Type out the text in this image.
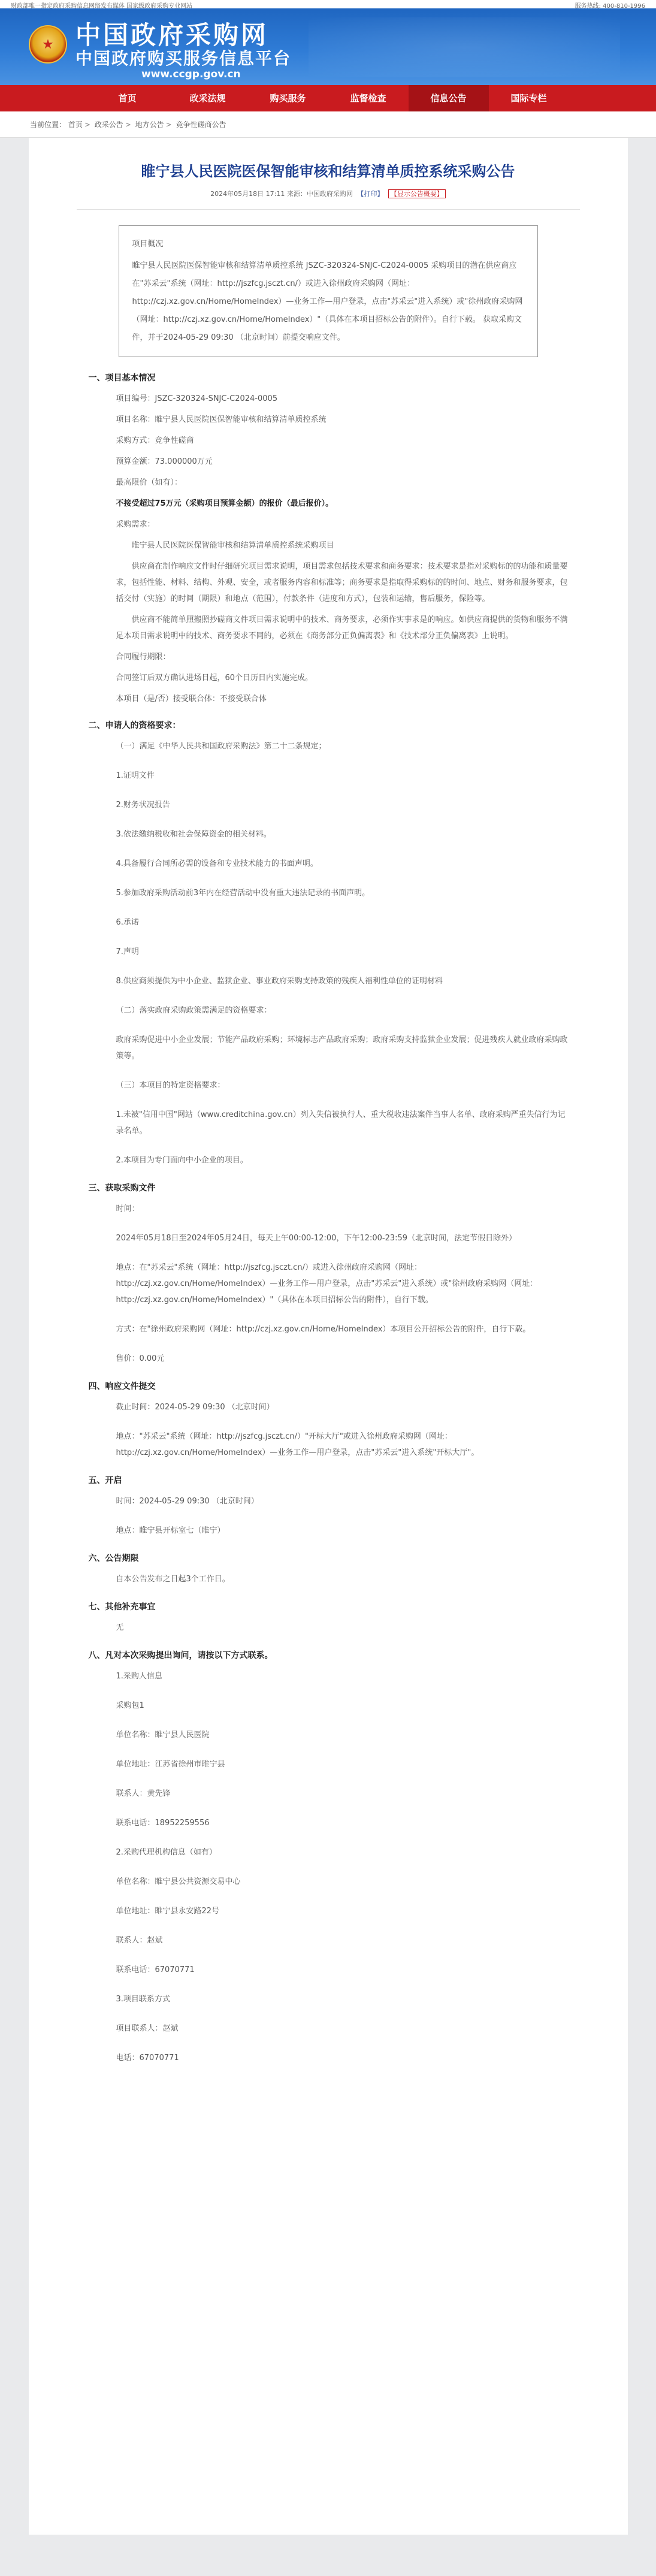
财政部唯一指定政府采购信息网络发布媒体 国家级政府采购专业网站	服务热线: 400-810-1996
★ 中国政府采购网
中国政府购买服务信息平台
www.ccgp.gov.cn
首页	政采法规	购买服务	监督检查	信息公告	国际专栏
当前位置： 首页 > 政采公告 > 地方公告 > 竞争性磋商公告
睢宁县人民医院医保智能审核和结算清单质控系统采购公告
2024年05月18日 17:11 来源：中国政府采购网 【打印】 【显示公告概要】
项目概况
睢宁县人民医院医保智能审核和结算清单质控系统 JSZC-320324-SNJC-C2024-0005 采购项目的潜在供应商应在"苏采云"系统（网址：http://jszfcg.jsczt.cn/）或进入徐州政府采购网（网址：http://czj.xz.gov.cn/Home/HomeIndex）—业务工作—用户登录，点击"苏采云"进入系统）或"徐州政府采购网（网址：http://czj.xz.gov.cn/Home/HomeIndex）"（具体在本项目招标公告的附件）。自行下载。 获取采购文件，并于2024-05-29 09:30 （北京时间）前提交响应文件。
一、项目基本情况
项目编号：JSZC-320324-SNJC-C2024-0005
项目名称：睢宁县人民医院医保智能审核和结算清单质控系统
采购方式：竞争性磋商
预算金额：73.000000万元
最高限价（如有）：
不接受超过75万元（采购项目预算金额）的报价（最后报价）。
采购需求：
睢宁县人民医院医保智能审核和结算清单质控系统采购项目
供应商在制作响应文件时仔细研究项目需求说明，项目需求包括技术要求和商务要求：技术要求是指对采购标的的功能和质量要求，包括性能、材料、结构、外观、安全，或者服务内容和标准等；商务要求是指取得采购标的的时间、地点、财务和服务要求，包括交付（实施）的时间（期限）和地点（范围），付款条件（进度和方式），包装和运输，售后服务，保险等。
供应商不能简单照搬照抄磋商文件项目需求说明中的技术、商务要求，必须作实事求是的响应。如供应商提供的货物和服务不满足本项目需求说明中的技术、商务要求不同的，必须在《商务部分正负偏离表》和《技术部分正负偏离表》上说明。
合同履行期限：
合同签订后双方确认进场日起，60个日历日内实施完成。
本项目（是/否）接受联合体：不接受联合体
二、申请人的资格要求：
（一）满足《中华人民共和国政府采购法》第二十二条规定；
1.证明文件
2.财务状况报告
3.依法缴纳税收和社会保障资金的相关材料。
4.具备履行合同所必需的设备和专业技术能力的书面声明。
5.参加政府采购活动前3年内在经营活动中没有重大违法记录的书面声明。
6.承诺
7.声明
8.供应商须提供为中小企业、监狱企业、事业政府采购支持政策的残疾人福利性单位的证明材料
（二）落实政府采购政策需满足的资格要求：
政府采购促进中小企业发展；节能产品政府采购；环境标志产品政府采购；政府采购支持监狱企业发展；促进残疾人就业政府采购政策等。
（三）本项目的特定资格要求：
1.未被"信用中国"网站（www.creditchina.gov.cn）列入失信被执行人、重大税收违法案件当事人名单、政府采购严重失信行为记录名单。
2.本项目为专门面向中小企业的项目。
三、获取采购文件
时间：
2024年05月18日至2024年05月24日，每天上午00:00-12:00，下午12:00-23:59（北京时间，法定节假日除外）
地点：在"苏采云"系统（网址：http://jszfcg.jsczt.cn/）或进入徐州政府采购网（网址：http://czj.xz.gov.cn/Home/HomeIndex）—业务工作—用户登录，点击"苏采云"进入系统）或"徐州政府采购网（网址：http://czj.xz.gov.cn/Home/HomeIndex）"（具体在本项目招标公告的附件），自行下载。
方式：在"徐州政府采购网（网址：http://czj.xz.gov.cn/Home/HomeIndex）本项目公开招标公告的附件，自行下载。
售价：0.00元
四、响应文件提交
截止时间：2024-05-29 09:30 （北京时间）
地点："苏采云"系统（网址：http://jszfcg.jsczt.cn/）"开标大厅"或进入徐州政府采购网（网址：http://czj.xz.gov.cn/Home/HomeIndex）—业务工作—用户登录，点击"苏采云"进入系统"开标大厅"。
五、开启
时间：2024-05-29 09:30 （北京时间）
地点：睢宁县开标室七（睢宁）
六、公告期限
自本公告发布之日起3个工作日。
七、其他补充事宜
无
八、凡对本次采购提出询问，请按以下方式联系。
1.采购人信息
采购包1
单位名称：睢宁县人民医院
单位地址：江苏省徐州市睢宁县
联系人：黄先锋
联系电话：18952259556
2.采购代理机构信息（如有）
单位名称：睢宁县公共资源交易中心
单位地址：睢宁县永安路22号
联系人：赵斌
联系电话：67070771
3.项目联系方式
项目联系人：赵斌
电话：67070771
